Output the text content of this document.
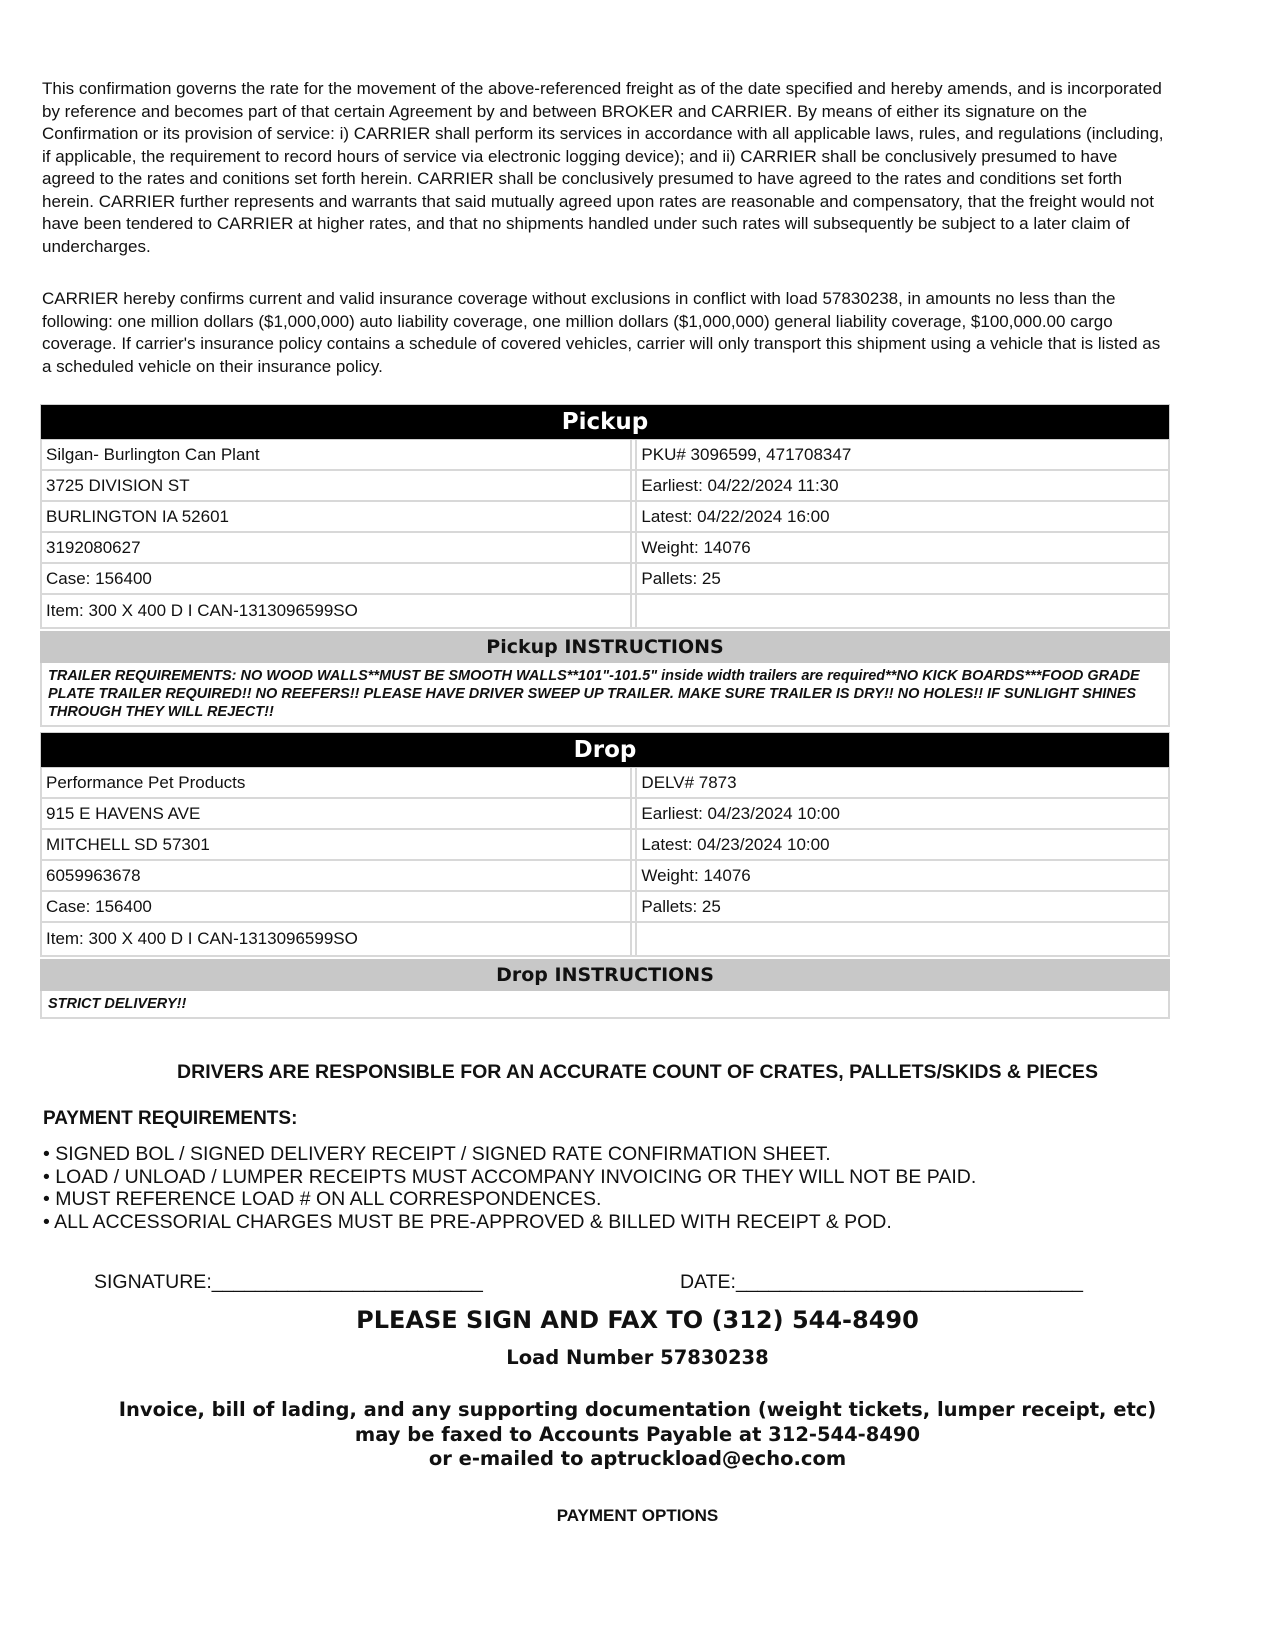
This confirmation governs the rate for the movement of the above-referenced freight as of the date specified and hereby amends, and is incorporated by reference and becomes part of that certain Agreement by and between BROKER and CARRIER. By means of either its signature on the Confirmation or its provision of service: i) CARRIER shall perform its services in accordance with all applicable laws, rules, and regulations (including, if applicable, the requirement to record hours of service via electronic logging device); and ii) CARRIER shall be conclusively presumed to have agreed to the rates and conitions set forth herein. CARRIER shall be conclusively presumed to have agreed to the rates and conditions set forth herein. CARRIER further represents and warrants that said mutually agreed upon rates are reasonable and compensatory, that the freight would not have been tendered to CARRIER at higher rates, and that no shipments handled under such rates will subsequently be subject to a later claim of undercharges.
CARRIER hereby confirms current and valid insurance coverage without exclusions in conflict with load 57830238, in amounts no less than the following: one million dollars ($1,000,000) auto liability coverage, one million dollars ($1,000,000) general liability coverage, $100,000.00 cargo coverage. If carrier's insurance policy contains a schedule of covered vehicles, carrier will only transport this shipment using a vehicle that is listed as a scheduled vehicle on their insurance policy.
Pickup
Silgan- Burlington Can Plant	PKU# 3096599, 471708347
3725 DIVISION ST	Earliest: 04/22/2024 11:30
BURLINGTON IA 52601	Latest: 04/22/2024 16:00
3192080627	Weight: 14076
Case: 156400	Pallets: 25
Item: 300 X 400 D I CAN-1313096599SO
Pickup INSTRUCTIONS
TRAILER REQUIREMENTS: NO WOOD WALLS**MUST BE SMOOTH WALLS**101"-101.5" inside width trailers are required**NO KICK BOARDS***FOOD GRADE PLATE TRAILER REQUIRED!! NO REEFERS!! PLEASE HAVE DRIVER SWEEP UP TRAILER. MAKE SURE TRAILER IS DRY!! NO HOLES!! IF SUNLIGHT SHINES THROUGH THEY WILL REJECT!!
Drop
Performance Pet Products	DELV# 7873
915 E HAVENS AVE	Earliest: 04/23/2024 10:00
MITCHELL SD 57301	Latest: 04/23/2024 10:00
6059963678	Weight: 14076
Case: 156400	Pallets: 25
Item: 300 X 400 D I CAN-1313096599SO
Drop INSTRUCTIONS
STRICT DELIVERY!!
DRIVERS ARE RESPONSIBLE FOR AN ACCURATE COUNT OF CRATES, PALLETS/SKIDS & PIECES
PAYMENT REQUIREMENTS:
• SIGNED BOL / SIGNED DELIVERY RECEIPT / SIGNED RATE CONFIRMATION SHEET.
• LOAD / UNLOAD / LUMPER RECEIPTS MUST ACCOMPANY INVOICING OR THEY WILL NOT BE PAID.
• MUST REFERENCE LOAD # ON ALL CORRESPONDENCES.
• ALL ACCESSORIAL CHARGES MUST BE PRE-APPROVED & BILLED WITH RECEIPT & POD.
SIGNATURE:_________________________	DATE:________________________________
PLEASE SIGN AND FAX TO (312) 544-8490
Load Number 57830238
Invoice, bill of lading, and any supporting documentation (weight tickets, lumper receipt, etc)
may be faxed to Accounts Payable at 312-544-8490
or e-mailed to aptruckload@echo.com
PAYMENT OPTIONS
